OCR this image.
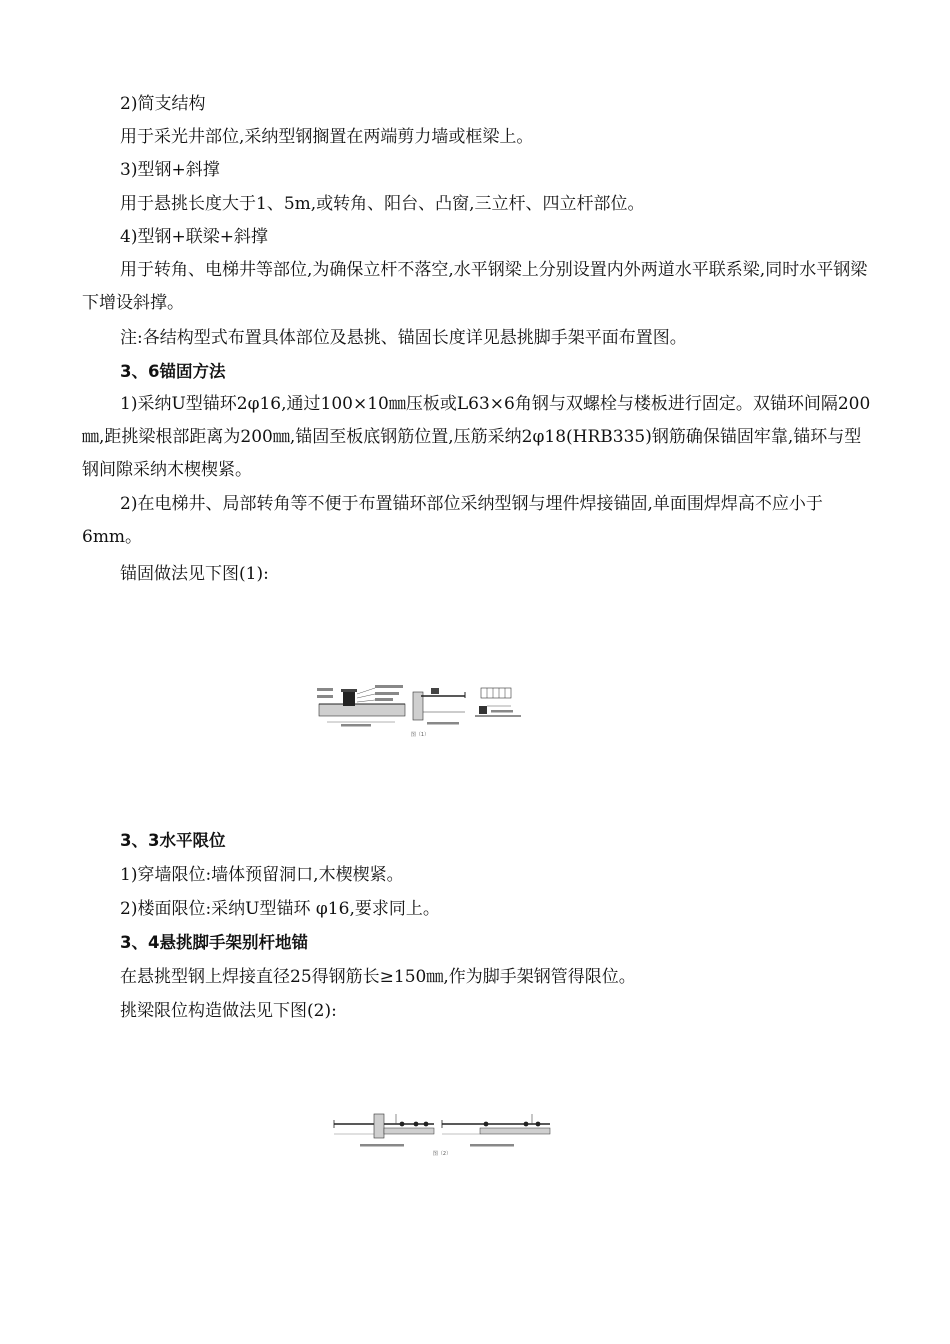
2)简支结构
用于采光井部位,采纳型钢搁置在两端剪力墙或框梁上。
3)型钢+斜撑
用于悬挑长度大于1、5m,或转角、阳台、凸窗,三立杆、四立杆部位。
4)型钢+联梁+斜撑
用于转角、电梯井等部位,为确保立杆不落空,水平钢梁上分别设置内外两道水平联系梁,同时水平钢梁下增设斜撑。
注:各结构型式布置具体部位及悬挑、锚固长度详见悬挑脚手架平面布置图。
3、6锚固方法
1)采纳U型锚环2φ16,通过100×10㎜压板或L63×6角钢与双螺栓与楼板进行固定。双锚环间隔200㎜,距挑梁根部距离为200㎜,锚固至板底钢筋位置,压筋采纳2φ18(HRB335)钢筋确保锚固牢靠,锚环与型钢间隙采纳木楔楔紧。
2)在电梯井、局部转角等不便于布置锚环部位采纳型钢与埋件焊接锚固,单面围焊焊高不应小于6mm。
锚固做法见下图(1):
图（1）
3、3水平限位
1)穿墙限位:墙体预留洞口,木楔楔紧。
2)楼面限位:采纳U型锚环 φ16,要求同上。
3、4悬挑脚手架别杆地锚
在悬挑型钢上焊接直径25得钢筋长≥150㎜,作为脚手架钢管得限位。
挑梁限位构造做法见下图(2):
图（2）
